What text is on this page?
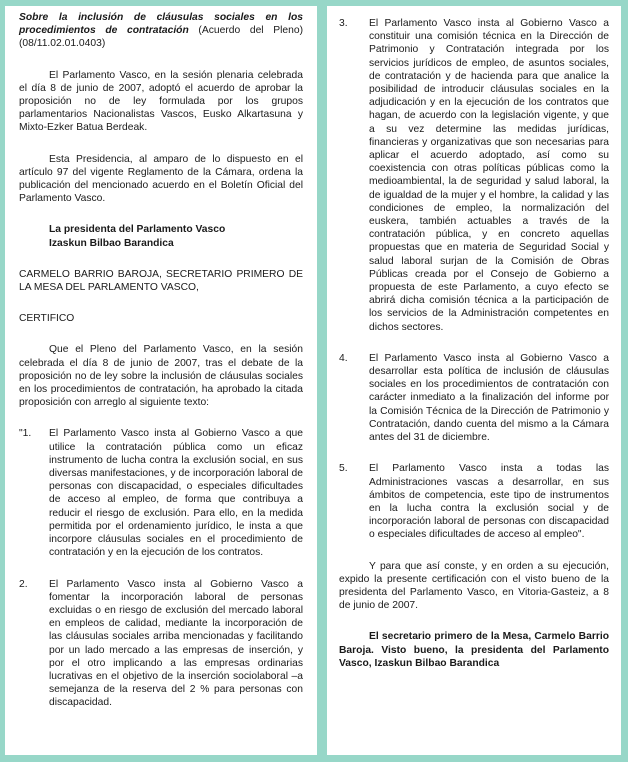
Sobre la inclusión de cláusulas sociales en los procedimientos de contratación (Acuerdo del Pleno) (08/11.02.01.0403)

El Parlamento Vasco, en la sesión plenaria celebrada el día 8 de junio de 2007, adoptó el acuerdo de aprobar la proposición no de ley formulada por los grupos parlamentarios Nacionalistas Vascos, Eusko Alkartasuna y Mixto-Ezker Batua Berdeak.

Esta Presidencia, al amparo de lo dispuesto en el artículo 97 del vigente Reglamento de la Cámara, ordena la publicación del mencionado acuerdo en el Boletín Oficial del Parlamento Vasco.

La presidenta del Parlamento Vasco

Izaskun Bilbao Barandica

CARMELO BARRIO BAROJA, SECRETARIO PRIMERO DE LA MESA DEL PARLAMENTO VASCO,

CERTIFICO

Que el Pleno del Parlamento Vasco, en la sesión celebrada el día 8 de junio de 2007, tras el debate de la proposición no de ley sobre la inclusión de cláusulas sociales en los procedimientos de contratación, ha aprobado la citada proposición con arreglo al siguiente texto:

"1.	El Parlamento Vasco insta al Gobierno Vasco a que utilice la contratación pública como un eficaz instrumento de lucha contra la exclusión social, en sus diversas manifestaciones, y de incorporación laboral de personas con discapacidad, o especiales dificultades de acceso al empleo, de forma que contribuya a reducir el riesgo de exclusión. Para ello, en la medida permitida por el ordenamiento jurídico, le insta a que incorpore cláusulas sociales en el procedimiento de contratación y en la ejecución de los contratos.
2.	El Parlamento Vasco insta al Gobierno Vasco a fomentar la incorporación laboral de personas excluidas o en riesgo de exclusión del mercado laboral en empleos de calidad, mediante la incorporación de las cláusulas sociales arriba mencionadas y facilitando por un lado mercado a las empresas de inserción, y por el otro implicando a las empresas ordinarias lucrativas en el objetivo de la inserción sociolaboral –a semejanza de la reserva del 2 % para personas con discapacidad.
3.	El Parlamento Vasco insta al Gobierno Vasco a constituir una comisión técnica en la Dirección de Patrimonio y Contratación integrada por los servicios jurídicos de empleo, de asuntos sociales, de contratación y de hacienda para que analice la posibilidad de introducir cláusulas sociales en la adjudicación y en la ejecución de los contratos que hagan, de acuerdo con la legislación vigente, y que a su vez determine las medidas jurídicas, financieras y organizativas que son necesarias para aplicar el acuerdo adoptado, así como su coexistencia con otras políticas públicas como la medioambiental, la de seguridad y salud laboral, la de igualdad de la mujer y el hombre, la calidad y las condiciones de empleo, la normalización del euskera, también actuables a través de la contratación pública, y en concreto aquellas propuestas que en materia de Seguridad Social y salud laboral surjan de la Comisión de Obras Públicas creada por el Consejo de Gobierno a propuesta de este Parlamento, a cuyo efecto se abrirá dicha comisión técnica a la participación de los servicios de la Administración competentes en dichos sectores.
4.	El Parlamento Vasco insta al Gobierno Vasco a desarrollar esta política de inclusión de cláusulas sociales en los procedimientos de contratación con carácter inmediato a la finalización del informe por la Comisión Técnica de la Dirección de Patrimonio y Contratación, dando cuenta del mismo a la Cámara antes del 31 de diciembre.
5.	El Parlamento Vasco insta a todas las Administraciones vascas a desarrollar, en sus ámbitos de competencia, este tipo de instrumentos en la lucha contra la exclusión social y de incorporación laboral de personas con discapacidad o especiales dificultades de acceso al empleo".

Y para que así conste, y en orden a su ejecución, expido la presente certificación con el visto bueno de la presidenta del Parlamento Vasco, en Vitoria-Gasteiz, a 8 de junio de 2007.

El secretario primero de la Mesa, Carmelo Barrio Baroja. Visto bueno, la presidenta del Parlamento Vasco, Izaskun Bilbao Barandica
